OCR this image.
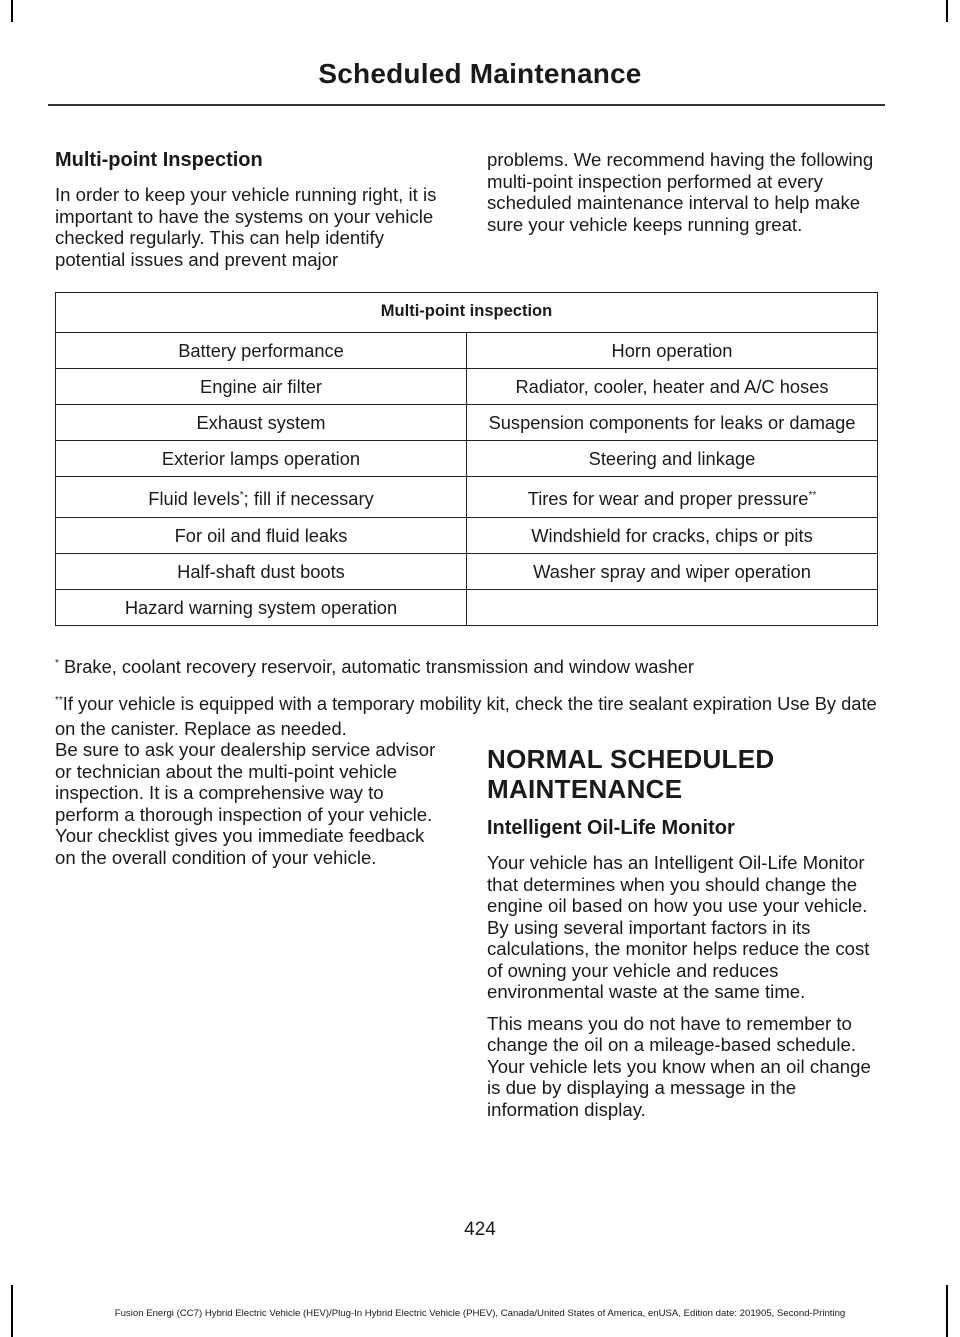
Scheduled Maintenance
Multi-point Inspection
In order to keep your vehicle running right, it is important to have the systems on your vehicle checked regularly. This can help identify potential issues and prevent major
problems. We recommend having the following multi-point inspection performed at every scheduled maintenance interval to help make sure your vehicle keeps running great.
Multi-point inspection	
Battery performance	Horn operation
Engine air filter	Radiator, cooler, heater and A/C hoses
Exhaust system	Suspension components for leaks or damage
Exterior lamps operation	Steering and linkage
Fluid levels*; fill if necessary	Tires for wear and proper pressure**
For oil and fluid leaks	Windshield for cracks, chips or pits
Half-shaft dust boots	Washer spray and wiper operation
Hazard warning system operation	
* Brake, coolant recovery reservoir, automatic transmission and window washer
**If your vehicle is equipped with a temporary mobility kit, check the tire sealant expiration Use By date on the canister. Replace as needed.
Be sure to ask your dealership service advisor or technician about the multi-point vehicle inspection. It is a comprehensive way to perform a thorough inspection of your vehicle. Your checklist gives you immediate feedback on the overall condition of your vehicle.
NORMAL SCHEDULED MAINTENANCE
Intelligent Oil-Life Monitor
Your vehicle has an Intelligent Oil-Life Monitor that determines when you should change the engine oil based on how you use your vehicle. By using several important factors in its calculations, the monitor helps reduce the cost of owning your vehicle and reduces environmental waste at the same time.
This means you do not have to remember to change the oil on a mileage-based schedule. Your vehicle lets you know when an oil change is due by displaying a message in the information display.
424
Fusion Energi (CC7) Hybrid Electric Vehicle (HEV)/Plug-In Hybrid Electric Vehicle (PHEV), Canada/United States of America, enUSA, Edition date: 201905, Second-Printing
